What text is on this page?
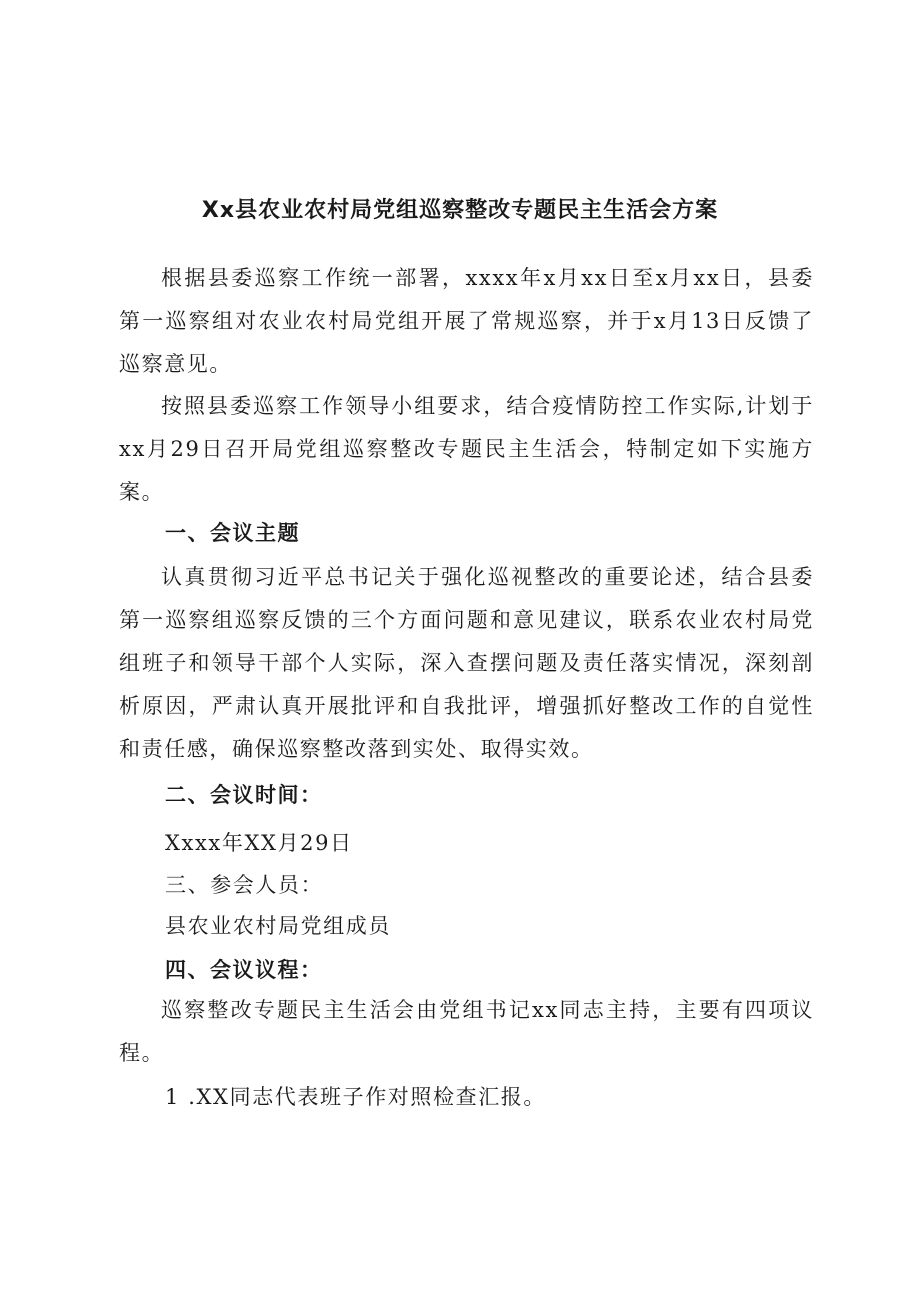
Xx县农业农村局党组巡察整改专题民主生活会方案
根据县委巡察工作统一部署，xxxx年x月xx日至x月xx日，县委第一巡察组对农业农村局党组开展了常规巡察，并于x月13日反馈了巡察意见。
按照县委巡察工作领导小组要求，结合疫情防控工作实际,计划于xx月29日召开局党组巡察整改专题民主生活会，特制定如下实施方案。
一、会议主题
认真贯彻习近平总书记关于强化巡视整改的重要论述，结合县委第一巡察组巡察反馈的三个方面问题和意见建议，联系农业农村局党组班子和领导干部个人实际，深入查摆问题及责任落实情况，深刻剖析原因，严肃认真开展批评和自我批评，增强抓好整改工作的自觉性和责任感，确保巡察整改落到实处、取得实效。
二、会议时间：
Xxxx年XX月29日
三、参会人员：
县农业农村局党组成员
四、会议议程：
巡察整改专题民主生活会由党组书记xx同志主持，主要有四项议程。
1 .XX同志代表班子作对照检查汇报。
